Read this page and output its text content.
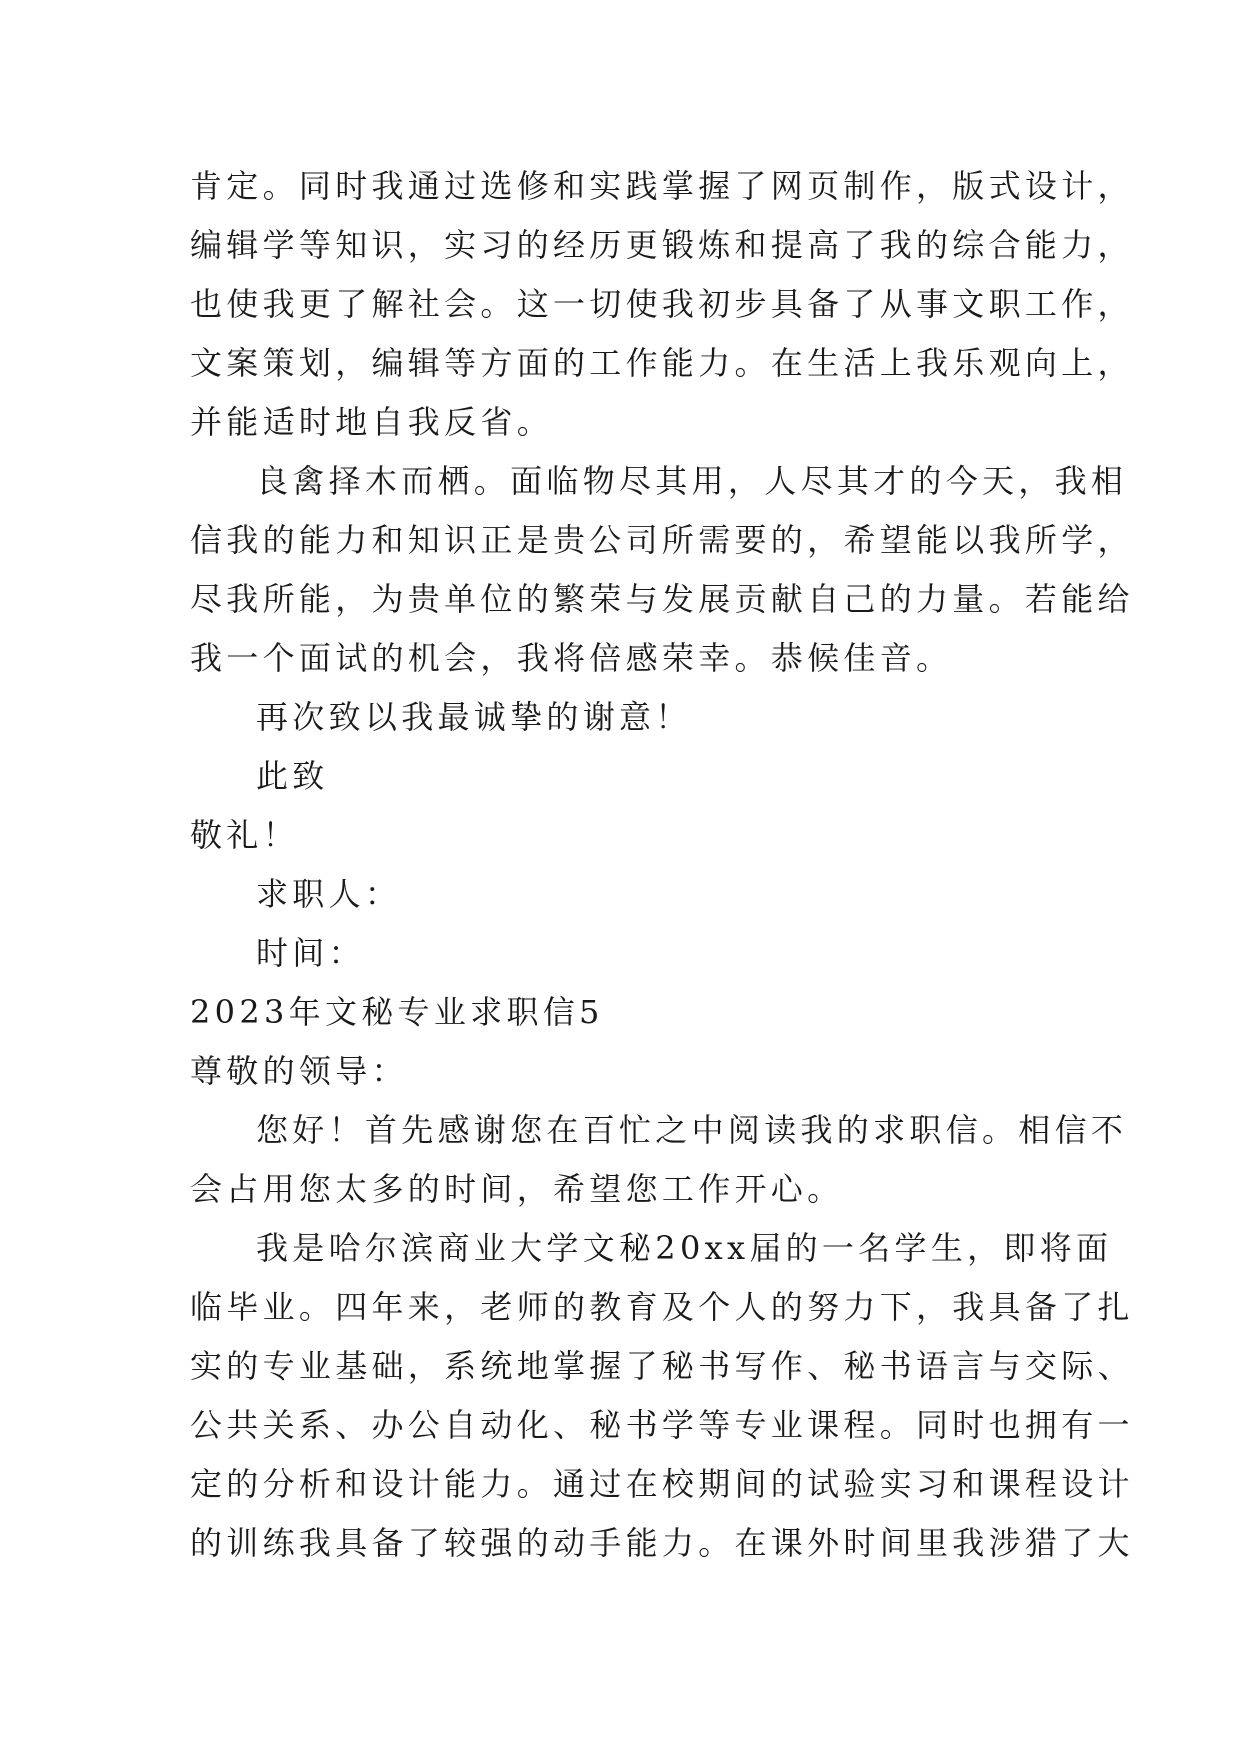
肯定。同时我通过选修和实践掌握了网页制作，版式设计，
编辑学等知识，实习的经历更锻炼和提高了我的综合能力，
也使我更了解社会。这一切使我初步具备了从事文职工作，
文案策划，编辑等方面的工作能力。在生活上我乐观向上，
并能适时地自我反省。
良禽择木而栖。面临物尽其用，人尽其才的今天，我相
信我的能力和知识正是贵公司所需要的，希望能以我所学，
尽我所能，为贵单位的繁荣与发展贡献自己的力量。若能给
我一个面试的机会，我将倍感荣幸。恭候佳音。
再次致以我最诚挚的谢意！
此致
敬礼！
求职人：
时间：
2023年文秘专业求职信5
尊敬的领导：
您好！首先感谢您在百忙之中阅读我的求职信。相信不
会占用您太多的时间，希望您工作开心。
我是哈尔滨商业大学文秘20xx届的一名学生，即将面
临毕业。四年来，老师的教育及个人的努力下，我具备了扎
实的专业基础，系统地掌握了秘书写作、秘书语言与交际、
公共关系、办公自动化、秘书学等专业课程。同时也拥有一
定的分析和设计能力。通过在校期间的试验实习和课程设计
的训练我具备了较强的动手能力。在课外时间里我涉猎了大
